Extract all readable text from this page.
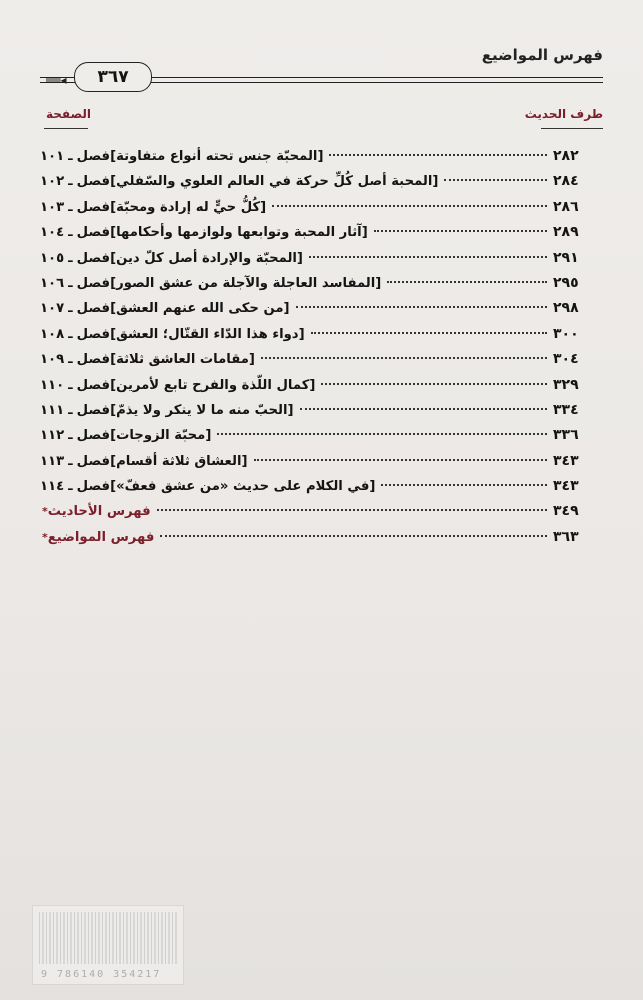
فهرس المواضيع
══◂	٣٦٧
الصفحة	طرف الحديث
١٠١ ـ فصل [المحبّة جنس تحته أنواع متفاوتة]	٢٨٢
١٠٢ ـ فصل [المحبة أصل كُلِّ حركة في العالم العلوي والسّفلي]	٢٨٤
١٠٣ ـ فصل [كُلُّ حيٍّ له إرادة ومحبّة]	٢٨٦
١٠٤ ـ فصل [آثار المحبة وتوابعها ولوازمها وأحكامها]	٢٨٩
١٠٥ ـ فصل [المحبّة والإرادة أصل كلّ دين]	٢٩١
١٠٦ ـ فصل [المفاسد العاجلة والآجلة من عشق الصور]	٢٩٥
١٠٧ ـ فصل [من حكى الله عنهم العشق]	٢٩٨
١٠٨ ـ فصل [دواء هذا الدّاء القتّال؛ العشق]	٣٠٠
١٠٩ ـ فصل [مقامات العاشق ثلاثة]	٣٠٤
١١٠ ـ فصل [كمال اللّذة والفرح تابع لأمرين]	٣٢٩
١١١ ـ فصل [الحبّ منه ما لا ينكر ولا يذمّ]	٣٣٤
١١٢ ـ فصل [محبّة الزوجات]	٣٣٦
١١٣ ـ فصل [العشاق ثلاثة أقسام]	٣٤٣
١١٤ ـ فصل [في الكلام على حديث «من عشق فعفّ»]	٣٤٣
* فهرس الأحاديث	٣٤٩
* فهرس المواضيع	٣٦٣
9 786140 354217
